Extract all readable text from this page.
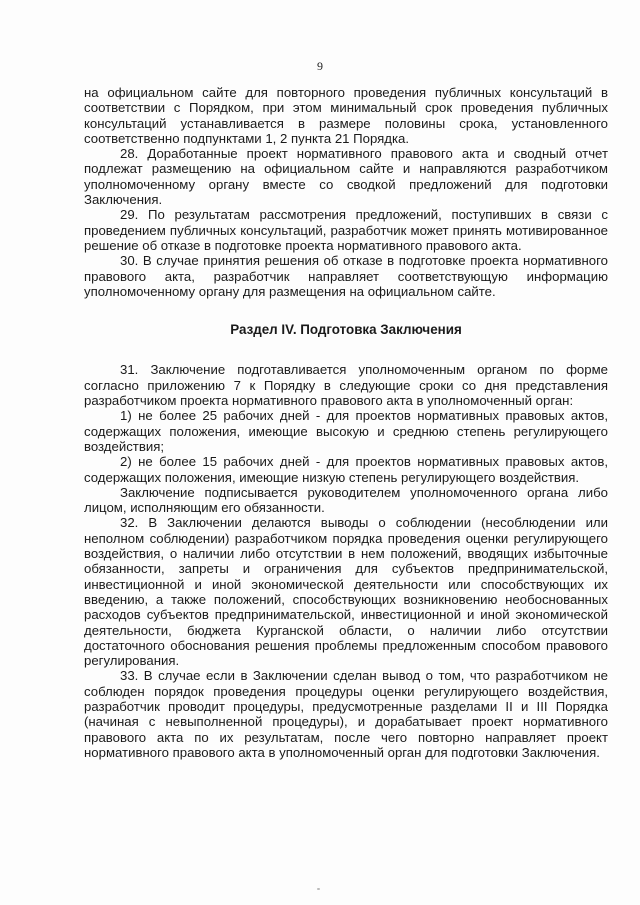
9

на официальном сайте для повторного проведения публичных консультаций в соответствии с Порядком, при этом минимальный срок проведения публичных консультаций устанавливается в размере половины срока, установленного соответственно подпунктами 1, 2 пункта 21 Порядка.

28. Доработанные проект нормативного правового акта и сводный отчет подлежат размещению на официальном сайте и направляются разработчиком уполномоченному органу вместе со сводкой предложений для подготовки Заключения.

29. По результатам рассмотрения предложений, поступивших в связи с проведением публичных консультаций, разработчик может принять мотивированное решение об отказе в подготовке проекта нормативного правового акта.

30. В случае принятия решения об отказе в подготовке проекта нормативного правового акта, разработчик направляет соответствующую информацию уполномоченному органу для размещения на официальном сайте.

Раздел IV. Подготовка Заключения

31. Заключение подготавливается уполномоченным органом по форме согласно приложению 7 к Порядку в следующие сроки со дня представления разработчиком проекта нормативного правового акта в уполномоченный орган:

1) не более 25 рабочих дней - для проектов нормативных правовых актов, содержащих положения, имеющие высокую и среднюю степень регулирующего воздействия;

2) не более 15 рабочих дней - для проектов нормативных правовых актов, содержащих положения, имеющие низкую степень регулирующего воздействия.

Заключение подписывается руководителем уполномоченного органа либо лицом, исполняющим его обязанности.

32. В Заключении делаются выводы о соблюдении (несоблюдении или неполном соблюдении) разработчиком порядка проведения оценки регулирующего воздействия, о наличии либо отсутствии в нем положений, вводящих избыточные обязанности, запреты и ограничения для субъектов предпринимательской, инвестиционной и иной экономической деятельности или способствующих их введению, а также положений, способствующих возникновению необоснованных расходов субъектов предпринимательской, инвестиционной и иной экономической деятельности, бюджета Курганской области, о наличии либо отсутствии достаточного обоснования решения проблемы предложенным способом правового регулирования.

33. В случае если в Заключении сделан вывод о том, что разработчиком не соблюден порядок проведения процедуры оценки регулирующего воздействия, разработчик проводит процедуры, предусмотренные разделами II и III Порядка (начиная с невыполненной процедуры), и дорабатывает проект нормативного правового акта по их результатам, после чего повторно направляет проект нормативного правового акта в уполномоченный орган для подготовки Заключения.
